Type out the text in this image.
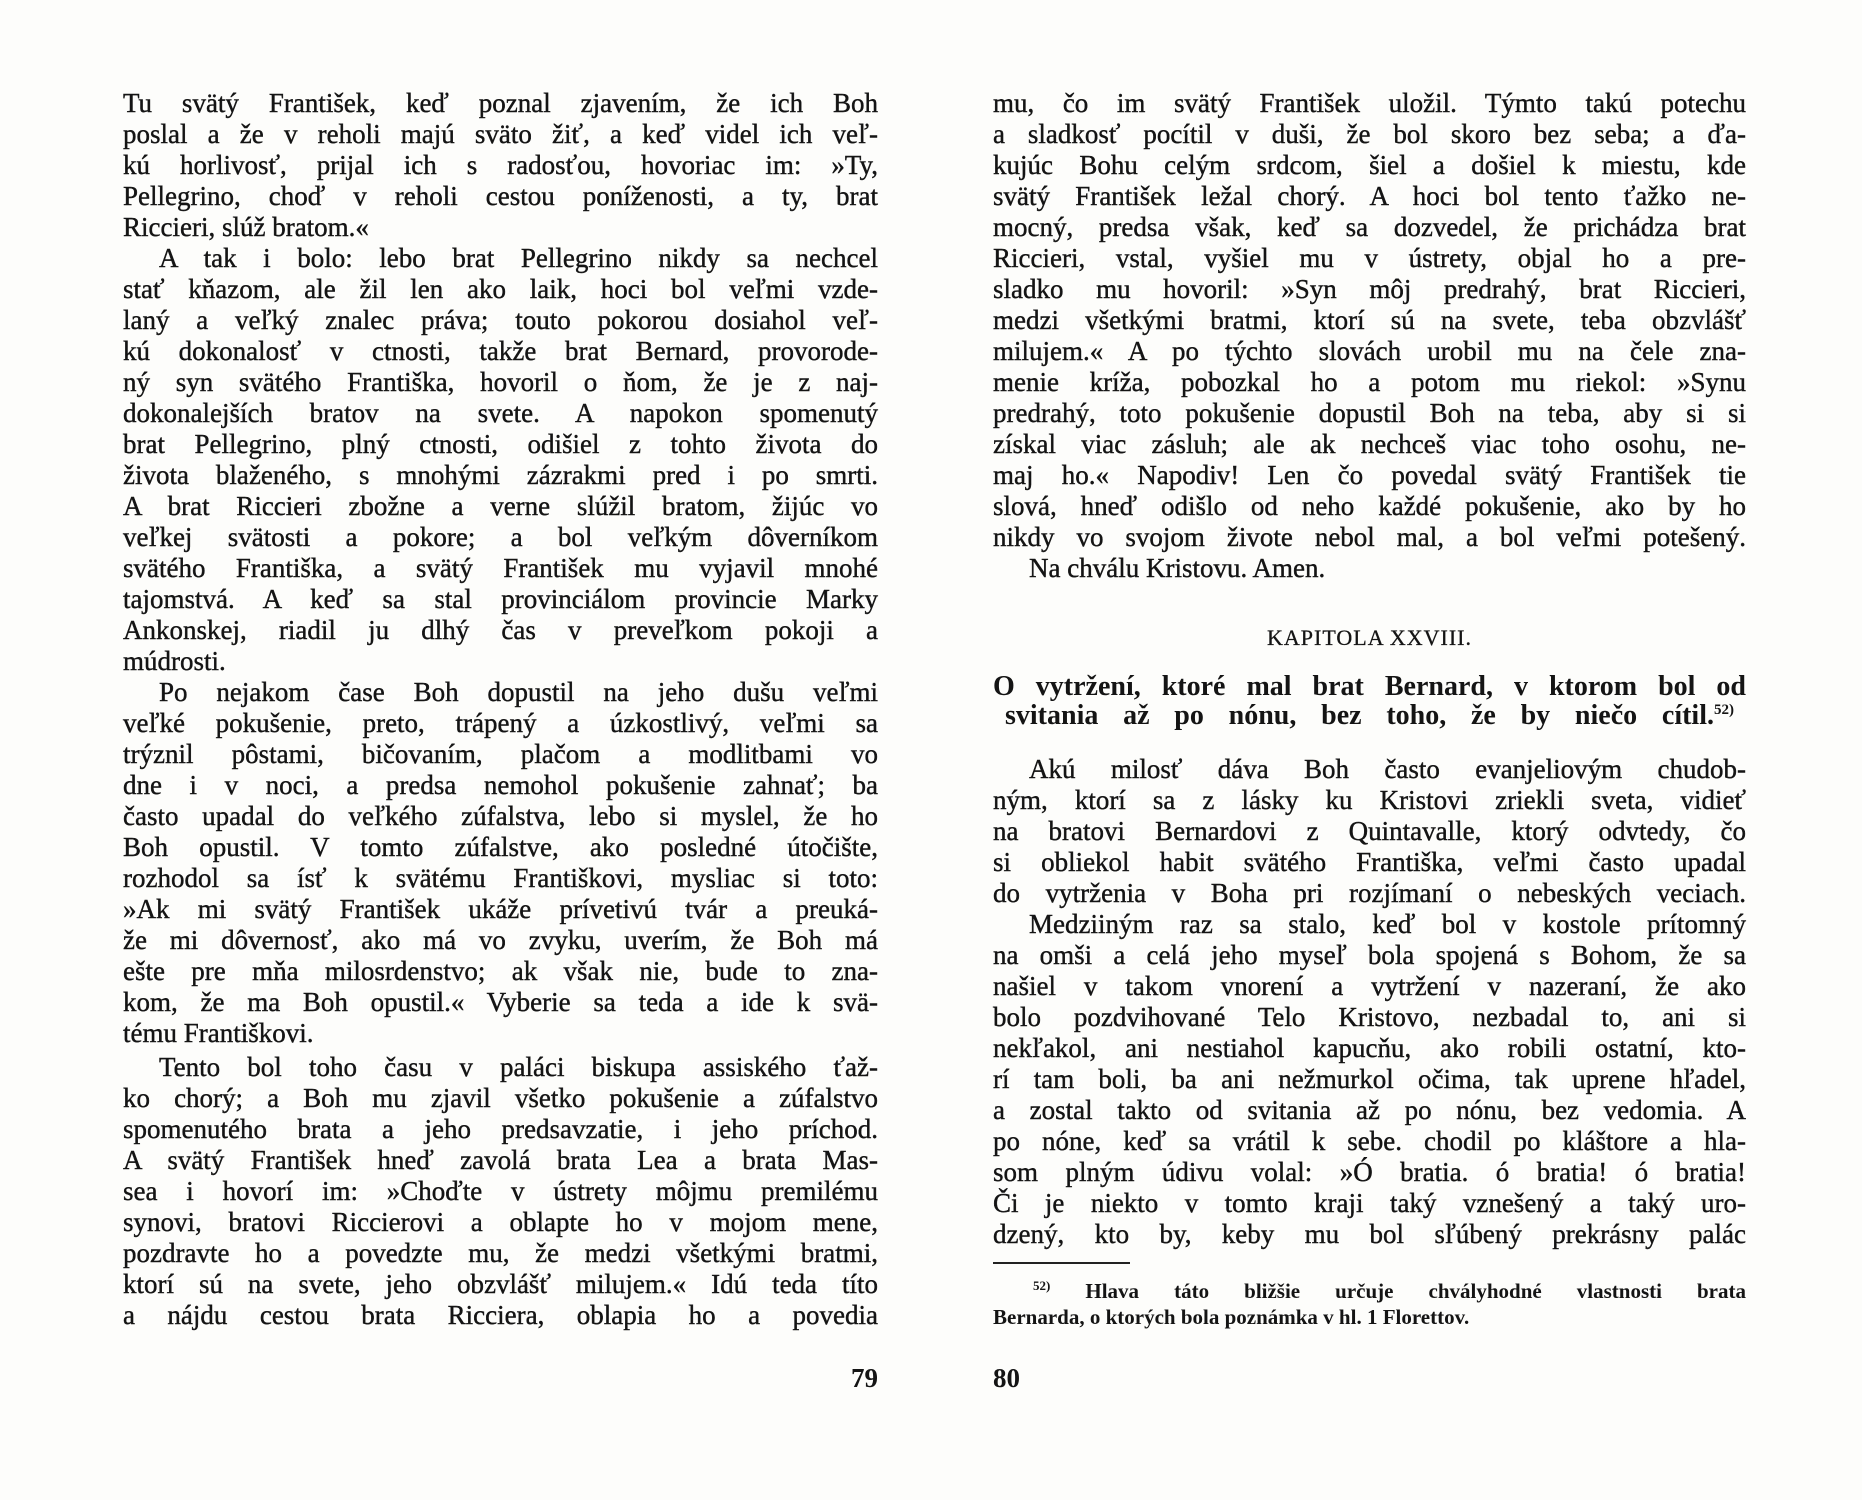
Tu svätý František, keď poznal zjavením, že ich Boh
poslal a že v reholi majú sväto žiť, a keď videl ich veľ-
kú horlivosť, prijal ich s radosťou, hovoriac im: »Ty,
Pellegrino, choď v reholi cestou poníženosti, a ty, brat
Riccieri, slúž bratom.«
A tak i bolo: lebo brat Pellegrino nikdy sa nechcel
stať kňazom, ale žil len ako laik, hoci bol veľmi vzde-
laný a veľký znalec práva; touto pokorou dosiahol veľ-
kú dokonalosť v ctnosti, takže brat Bernard, provorode-
ný syn svätého Františka, hovoril o ňom, že je z naj-
dokonalejších bratov na svete. A napokon spomenutý
brat Pellegrino, plný ctnosti, odišiel z tohto života do
života blaženého, s mnohými zázrakmi pred i po smrti.
A brat Riccieri zbožne a verne slúžil bratom, žijúc vo
veľkej svätosti a pokore; a bol veľkým dôverníkom
svätého Františka, a svätý František mu vyjavil mnohé
tajomstvá. A keď sa stal provinciálom provincie Marky
Ankonskej, riadil ju dlhý čas v preveľkom pokoji a
múdrosti.
Po nejakom čase Boh dopustil na jeho dušu veľmi
veľké pokušenie, preto, trápený a úzkostlivý, veľmi sa
trýznil pôstami, bičovaním, plačom a modlitbami vo
dne i v noci, a predsa nemohol pokušenie zahnať; ba
často upadal do veľkého zúfalstva, lebo si myslel, že ho
Boh opustil. V tomto zúfalstve, ako posledné útočište,
rozhodol sa ísť k svätému Františkovi, mysliac si toto:
»Ak mi svätý František ukáže prívetivú tvár a preuká-
že mi dôvernosť, ako má vo zvyku, uverím, že Boh má
ešte pre mňa milosrdenstvo; ak však nie, bude to zna-
kom, že ma Boh opustil.« Vyberie sa teda a ide k svä-
tému Františkovi.
Tento bol toho času v paláci biskupa assiského ťaž-
ko chorý; a Boh mu zjavil všetko pokušenie a zúfalstvo
spomenutého brata a jeho predsavzatie, i jeho príchod.
A svätý František hneď zavolá brata Lea a brata Mas-
sea i hovorí im: »Choďte v ústrety môjmu premilému
synovi, bratovi Riccierovi a oblapte ho v mojom mene,
pozdravte ho a povedzte mu, že medzi všetkými bratmi,
ktorí sú na svete, jeho obzvlášť milujem.« Idú teda títo
a nájdu cestou brata Ricciera, oblapia ho a povedia
79
mu, čo im svätý František uložil. Týmto takú potechu
a sladkosť pocítil v duši, že bol skoro bez seba; a ďa-
kujúc Bohu celým srdcom, šiel a došiel k miestu, kde
svätý František ležal chorý. A hoci bol tento ťažko ne-
mocný, predsa však, keď sa dozvedel, že prichádza brat
Riccieri, vstal, vyšiel mu v ústrety, objal ho a pre-
sladko mu hovoril: »Syn môj predrahý, brat Riccieri,
medzi všetkými bratmi, ktorí sú na svete, teba obzvlášť
milujem.« A po týchto slovách urobil mu na čele zna-
menie kríža, pobozkal ho a potom mu riekol: »Synu
predrahý, toto pokušenie dopustil Boh na teba, aby si si
získal viac zásluh; ale ak nechceš viac toho osohu, ne-
maj ho.« Napodiv! Len čo povedal svätý František tie
slová, hneď odišlo od neho každé pokušenie, ako by ho
nikdy vo svojom živote nebol mal, a bol veľmi potešený.
Na chválu Kristovu. Amen.
KAPITOLA XXVIII.
O vytržení, ktoré mal brat Bernard, v ktorom bol od
svitania až po nónu, bez toho, že by niečo cítil.$^{52)}$
Akú milosť dáva Boh často evanjeliovým chudob-
ným, ktorí sa z lásky ku Kristovi zriekli sveta, vidieť
na bratovi Bernardovi z Quintavalle, ktorý odvtedy, čo
si obliekol habit svätého Františka, veľmi často upadal
do vytrženia v Boha pri rozjímaní o nebeských veciach.
Medziiným raz sa stalo, keď bol v kostole prítomný
na omši a celá jeho myseľ bola spojená s Bohom, že sa
našiel v takom vnorení a vytržení v nazeraní, že ako
bolo pozdvihované Telo Kristovo, nezbadal to, ani si
nekľakol, ani nestiahol kapucňu, ako robili ostatní, kto-
rí tam boli, ba ani nežmurkol očima, tak uprene hľadel,
a zostal takto od svitania až po nónu, bez vedomia. A
po nóne, keď sa vrátil k sebe. chodil po kláštore a hla-
som plným údivu volal: »Ó bratia. ó bratia! ó bratia!
Či je niekto v tomto kraji taký vznešený a taký uro-
dzený, kto by, keby mu bol sľúbený prekrásny palác
$^{52)}$ Hlava táto bližšie určuje chvályhodné vlastnosti brata
Bernarda, o ktorých bola poznámka v hl. 1 Florettov.
80
